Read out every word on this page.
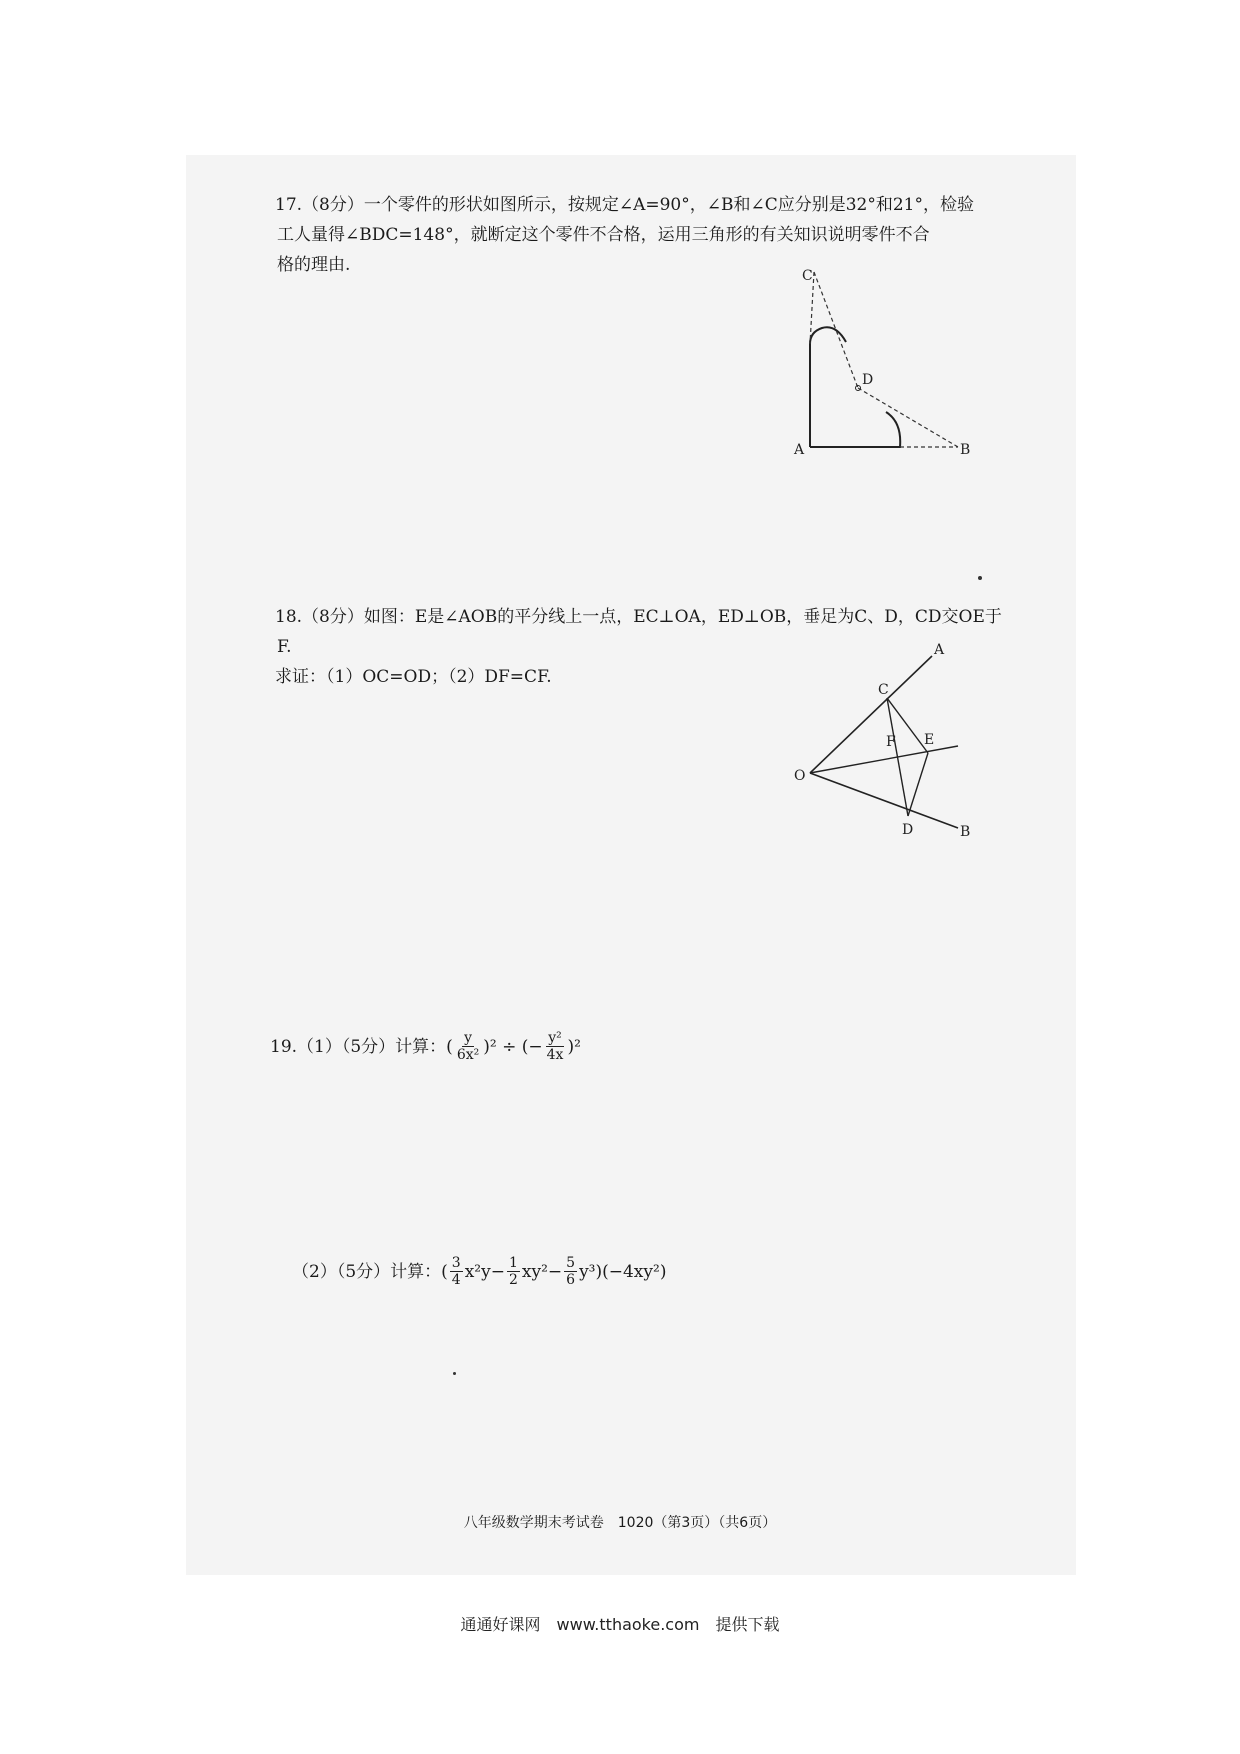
17.（8分）一个零件的形状如图所示，按规定∠A=90°，∠B和∠C应分别是32°和21°，检验
工人量得∠BDC=148°，就断定这个零件不合格，运用三角形的有关知识说明零件不合
格的理由.
C
D
A	B
18.（8分）如图：E是∠AOB的平分线上一点，EC⊥OA，ED⊥OB，垂足为C、D，CD交OE于
F.
求证：（1）OC=OD；（2）DF=CF.
A
C
F E
O
D	B
19.（1）（5分）计算：( $\frac{y}{\text{6x²}} )^2$ ÷ (− $\frac{\text{y²}}{4x} )^2$
（2）（5分）计算：( $\frac{3}{4} x^2y- \frac{1}{2} xy^2- \frac{5}{6} y^3)(-4xy^2)$
八年级数学期末考试卷　1020（第3页）（共6页）
通通好课网　www.tthaoke.com　提供下载
